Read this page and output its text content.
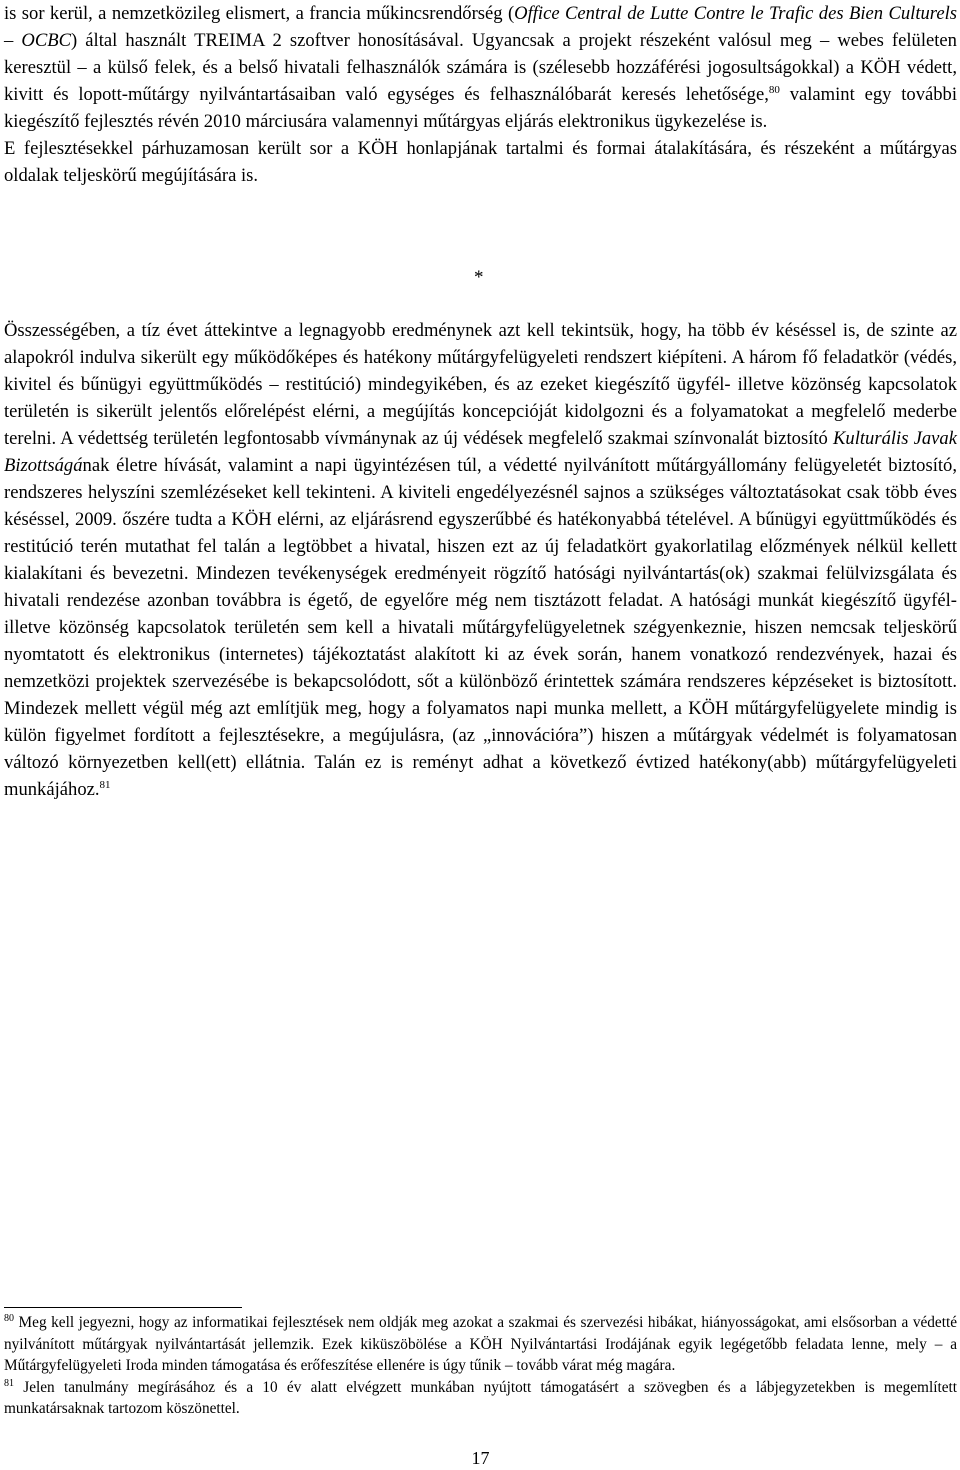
is sor kerül, a nemzetközileg elismert, a francia műkincsrendőrség (Office Central de Lutte Contre le Trafic des Bien Culturels – OCBC) által használt TREIMA 2 szoftver honosításával. Ugyancsak a projekt részeként valósul meg – webes felületen keresztül – a külső felek, és a belső hivatali felhasználók számára is (szélesebb hozzáférési jogosultságokkal) a KÖH védett, kivitt és lopott-műtárgy nyilvántartásaiban való egységes és felhasználóbarát keresés lehetősége,$^{80}$ valamint egy további kiegészítő fejlesztés révén 2010 márciusára valamennyi műtárgyas eljárás elektronikus ügykezelése is.

E fejlesztésekkel párhuzamosan került sor a KÖH honlapjának tartalmi és formai átalakítására, és részeként a műtárgyas oldalak teljeskörű megújítására is.

*

Összességében, a tíz évet áttekintve a legnagyobb eredménynek azt kell tekintsük, hogy, ha több év késéssel is, de szinte az alapokról indulva sikerült egy működőképes és hatékony műtárgyfelügyeleti rendszert kiépíteni. A három fő feladatkör (védés, kivitel és bűnügyi együttműködés – restitúció) mindegyikében, és az ezeket kiegészítő ügyfél- illetve közönség kapcsolatok területén is sikerült jelentős előrelépést elérni, a megújítás koncepcióját kidolgozni és a folyamatokat a megfelelő mederbe terelni. A védettség területén legfontosabb vívmánynak az új védések megfelelő szakmai színvonalát biztosító Kulturális Javak Bizottságának életre hívását, valamint a napi ügyintézésen túl, a védetté nyilvánított műtárgyállomány felügyeletét biztosító, rendszeres helyszíni szemlézéseket kell tekinteni. A kiviteli engedélyezésnél sajnos a szükséges változtatásokat csak több éves késéssel, 2009. őszére tudta a KÖH elérni, az eljárásrend egyszerűbbé és hatékonyabbá tételével. A bűnügyi együttműködés és restitúció terén mutathat fel talán a legtöbbet a hivatal, hiszen ezt az új feladatkört gyakorlatilag előzmények nélkül kellett kialakítani és bevezetni. Mindezen tevékenységek eredményeit rögzítő hatósági nyilvántartás(ok) szakmai felülvizsgálata és hivatali rendezése azonban továbbra is égető, de egyelőre még nem tisztázott feladat. A hatósági munkát kiegészítő ügyfél- illetve közönség kapcsolatok területén sem kell a hivatali műtárgyfelügyeletnek szégyenkeznie, hiszen nemcsak teljeskörű nyomtatott és elektronikus (internetes) tájékoztatást alakított ki az évek során, hanem vonatkozó rendezvények, hazai és nemzetközi projektek szervezésébe is bekapcsolódott, sőt a különböző érintettek számára rendszeres képzéseket is biztosított. Mindezek mellett végül még azt említjük meg, hogy a folyamatos napi munka mellett, a KÖH műtárgyfelügyelete mindig is külön figyelmet fordított a fejlesztésekre, a megújulásra, (az „innovációra”) hiszen a műtárgyak védelmét is folyamatosan változó környezetben kell(ett) ellátnia. Talán ez is reményt adhat a következő évtized hatékony(abb) műtárgyfelügyeleti munkájához.$^{81}$

$^{80}$ Meg kell jegyezni, hogy az informatikai fejlesztések nem oldják meg azokat a szakmai és szervezési hibákat, hiányosságokat, ami elsősorban a védetté nyilvánított műtárgyak nyilvántartását jellemzik. Ezek kiküszöbölése a KÖH Nyilvántartási Irodájának egyik legégetőbb feladata lenne, mely – a Műtárgyfelügyeleti Iroda minden támogatása és erőfeszítése ellenére is úgy tűnik – tovább várat még magára.

$^{81}$ Jelen tanulmány megírásához és a 10 év alatt elvégzett munkában nyújtott támogatásért a szövegben és a lábjegyzetekben is megemlített munkatársaknak tartozom köszönettel.

17
